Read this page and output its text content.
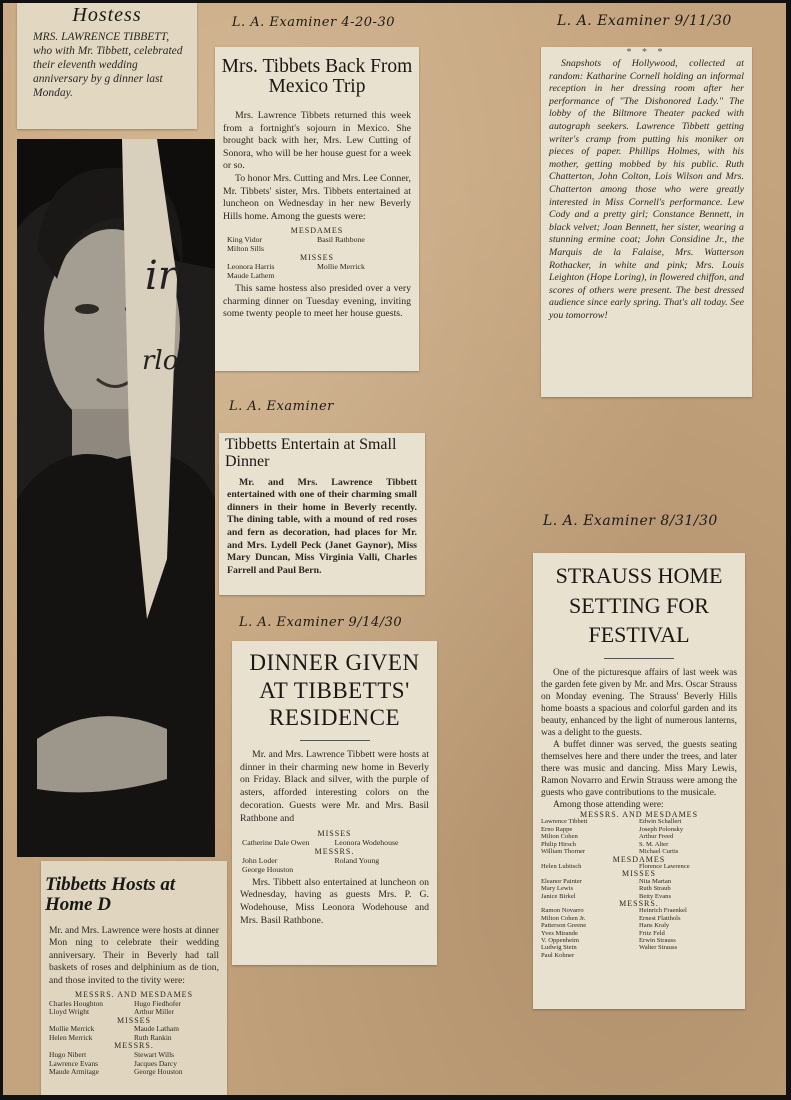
Hostess

MRS. LAWRENCE TIBBETT, who with Mr. Tibbett, celebrated their eleventh wedding anniversary by g dinner last Monday.

ir
rlo
Tibbetts Hosts at Home D

Mr. and Mrs. Lawrence were hosts at dinner Mon ning to celebrate their wedding anniversary. Their in Beverly had tall baskets of roses and delphinium as de tion, and those invited to the tivity were:

MESSRS. AND MESDAMES
Charles Houghton	Hugo Fiedhofer
Lloyd Wright	Arthur Miller
MISSES
Mollie Merrick	Maude Latham
Helen Merrick	Ruth Rankin
MESSRS.
Hugo Nibert	Stewart Wills
Lawrence Evans	Jacques Darcy
Maude Armitage	George Houston
L. A. Examiner 4-20-30
Mrs. Tibbets Back From Mexico Trip

Mrs. Lawrence Tibbets returned this week from a fortnight's sojourn in Mexico. She brought back with her, Mrs. Lew Cutting of Sonora, who will be her house guest for a week or so.

To honor Mrs. Cutting and Mrs. Lee Conner, Mr. Tibbets' sister, Mrs. Tibbets entertained at luncheon on Wednesday in her new Beverly Hills home. Among the guests were:

MESDAMES
King Vidor	Basil Rathbone
Milton Sills
MISSES
Leonora Harris	Mollie Merrick
Maude Lathem

This same hostess also presided over a very charming dinner on Tuesday evening, inviting some twenty people to meet her house guests.

L. A. Examiner
Tibbetts Entertain at Small Dinner

Mr. and Mrs. Lawrence Tibbett entertained with one of their charming small dinners in their home in Beverly recently. The dining table, with a mound of red roses and fern as decoration, had places for Mr. and Mrs. Lydell Peck (Janet Gaynor), Miss Mary Duncan, Miss Virginia Valli, Charles Farrell and Paul Bern.

L. A. Examiner 9/14/30
DINNER GIVEN AT TIBBETTS' RESIDENCE

Mr. and Mrs. Lawrence Tibbett were hosts at dinner in their charming new home in Beverly on Friday. Black and silver, with the purple of asters, afforded interesting colors on the decoration. Guests were Mr. and Mrs. Basil Rathbone and

MISSES
Catherine Dale Owen	Leonora Wodehouse
MESSRS.
John Loder	Roland Young
George Houston

Mrs. Tibbett also entertained at luncheon on Wednesday, having as guests Mrs. P. G. Wodehouse, Miss Leonora Wodehouse and Mrs. Basil Rathbone.

L. A. Examiner 9/11/30
* * *

Snapshots of Hollywood, collected at random: Katharine Cornell holding an informal reception in her dressing room after her performance of "The Dishonored Lady." The lobby of the Biltmore Theater packed with autograph seekers. Lawrence Tibbett getting writer's cramp from putting his moniker on pieces of paper. Phillips Holmes, with his mother, getting mobbed by his public. Ruth Chatterton, John Colton, Lois Wilson and Mrs. Chatterton among those who were greatly interested in Miss Cornell's performance. Lew Cody and a pretty girl; Constance Bennett, in black velvet; Joan Bennett, her sister, wearing a stunning ermine coat; John Considine Jr., the Marquis de la Falaise, Mrs. Watterson Rothacker, in white and pink; Mrs. Louis Leighton (Hope Loring), in flowered chiffon, and scores of others were present. The best dressed audience since early spring. That's all today. See you tomorrow!

L. A. Examiner 8/31/30
STRAUSS HOME SETTING FOR FESTIVAL

One of the picturesque affairs of last week was the garden fete given by Mr. and Mrs. Oscar Strauss on Monday evening. The Strauss' Beverly Hills home boasts a spacious and colorful garden and its beauty, enhanced by the light of numerous lanterns, was a delight to the guests.

A buffet dinner was served, the guests seating themselves here and there under the trees, and later there was music and dancing. Miss Mary Lewis, Ramon Novarro and Erwin Strauss were among the guests who gave contributions to the musicale.

Among those attending were:

MESSRS. AND MESDAMES
Lawrence Tibbett	Edwin Schallert
Erno Rappe	Joseph Polonsky
Milton Cohen	Arthur Freed
Philip Hirsch	S. M. Alter
William Thorner	Michael Curtis
MESDAMES
Helen Lubitsch	Florence Lawrence
MISSES
Eleanor Painter	Nita Martan
Mary Lewis	Ruth Straub
Janice Birkel	Betty Evans
MESSRS.
Ramon Novarro	Heinrich Fraenkel
Milton Cohen Jr.	Ernest Flatthols
Patterson Greene	Hans Kraly
Yves Mirande	Fritz Feld
V. Oppenheim	Erwin Strauss
Ludwig Stein	Walter Strauss
Paul Kohner
